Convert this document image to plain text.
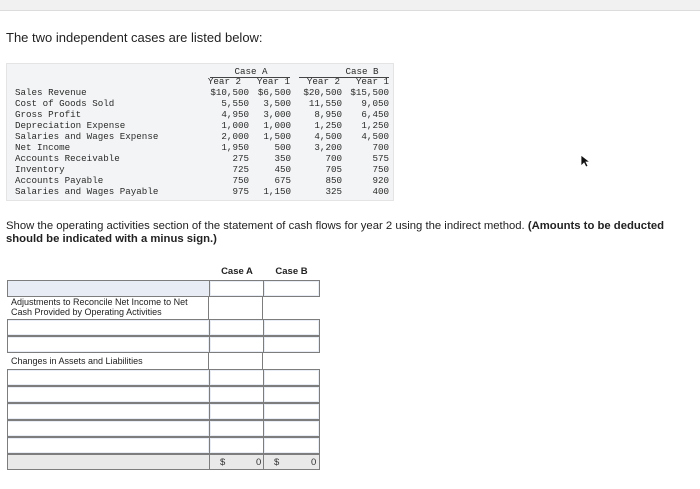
The two independent cases are listed below:
Case A	Case B
Year 2	Year 1	Year 2	Year 1
Sales Revenue	$10,500 $6,500	$20,500 $15,500
Cost of Goods Sold	5,550	3,500	11,550	9,050
Gross Profit	4,950	3,000	8,950	6,450
Depreciation Expense	1,000	1,000	1,250	1,250
Salaries and Wages Expense	2,000	1,500	4,500	4,500
Net Income	1,950	500	3,200	700
Accounts Receivable	275	350	700	575
Inventory	725	450	705	750
Accounts Payable	750	675	850	920
Salaries and Wages Payable	975	1,150	325	400
Show the operating activities section of the statement of cash flows for year 2 using the indirect method. (Amounts to be deducted should be indicated with a minus sign.)
Case A	Case B
Adjustments to Reconcile Net Income to Net Cash Provided by Operating Activities
Changes in Assets and Liabilities
$	0 $	0
